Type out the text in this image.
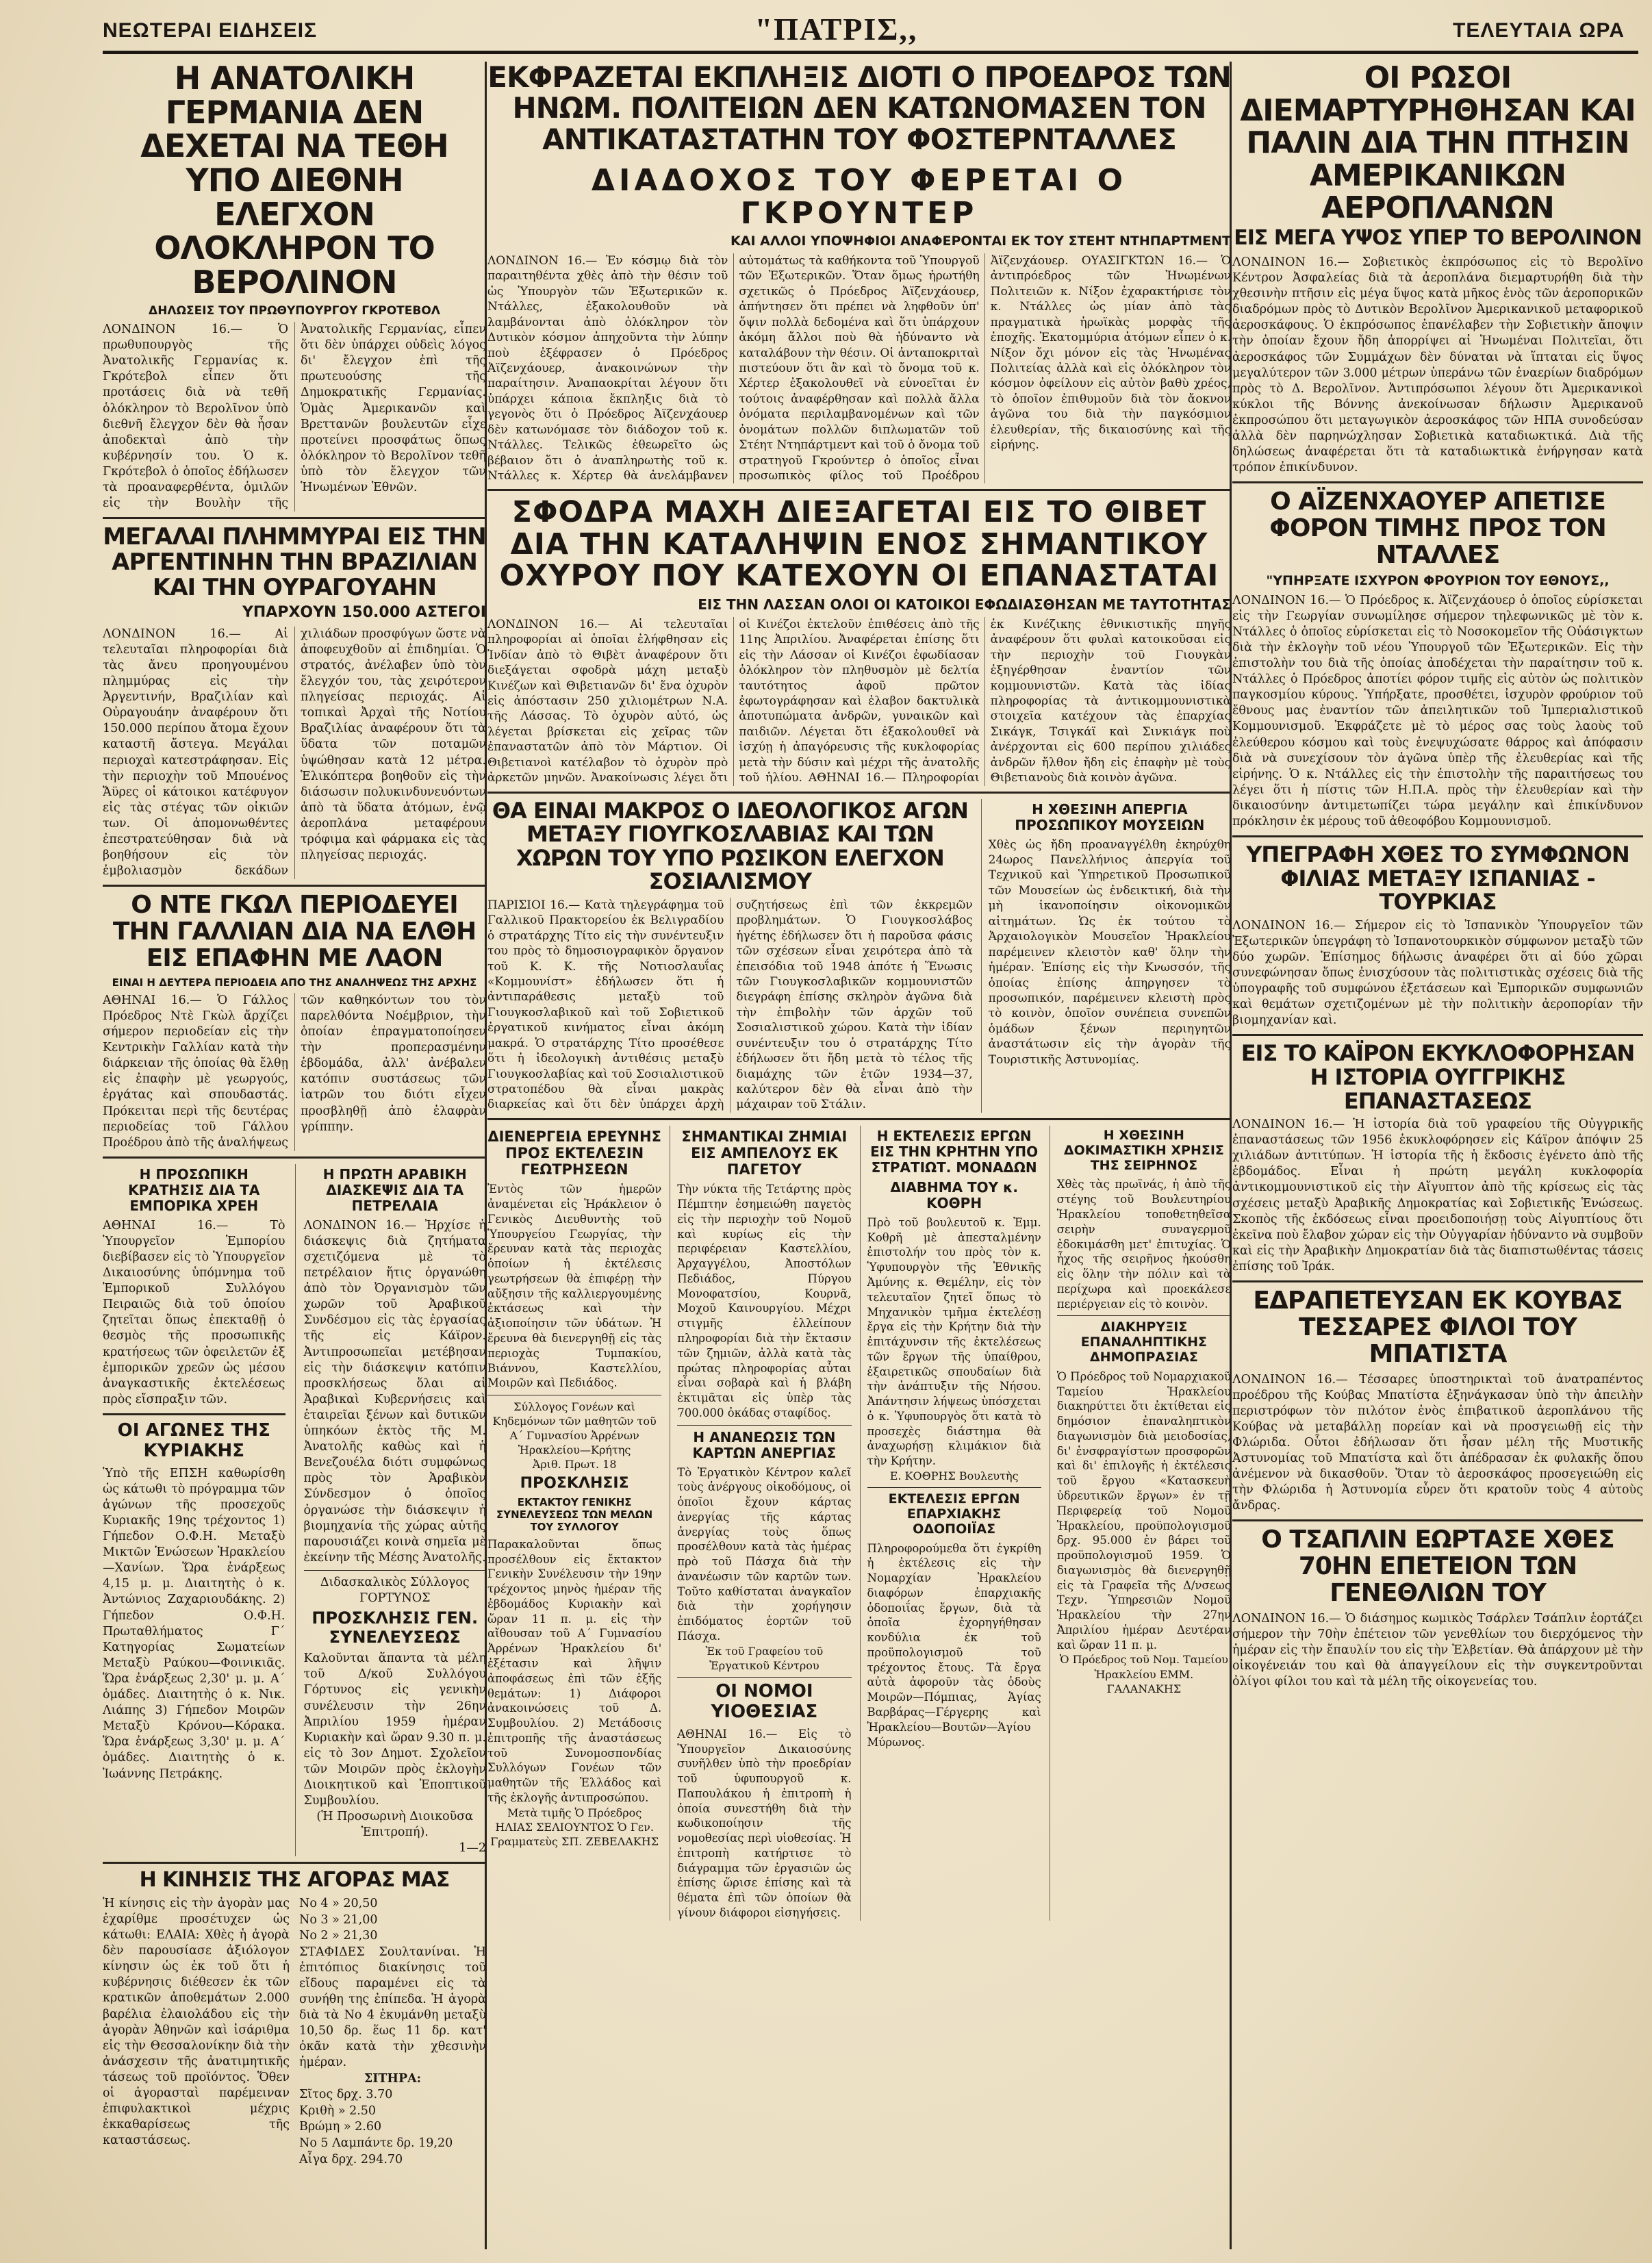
ΝΕΩΤΕΡΑΙ ΕΙΔΗΣΕΙΣ	"ΠΑΤΡΙΣ,,	ΤΕΛΕΥΤΑΙΑ ΩΡΑ
Η ΑΝΑΤΟΛΙΚΗ ΓΕΡΜΑΝΙΑ ΔΕΝ ΔΕΧΕΤΑΙ ΝΑ ΤΕΘΗ ΥΠΟ ΔΙΕΘΝΗ ΕΛΕΓΧΟΝ ΟΛΟΚΛΗΡΟΝ ΤΟ ΒΕΡΟΛΙΝΟΝ
ΔΗΛΩΣΕΙΣ ΤΟΥ ΠΡΩΘΥΠΟΥΡΓΟΥ ΓΚΡΟΤΕΒΟΛ
ΛΟΝΔΙΝΟΝ 16.— Ὁ πρωθυπουργὸς τῆς Ἀνατολικῆς Γερμανίας κ. Γκρότεβολ εἶπεν ὅτι προτάσεις διὰ νὰ τεθῆ ὁλόκληρον τὸ Βερολῖνον ὑπὸ διεθνῆ ἔλεγχον δὲν θὰ ἦσαν ἀποδεκταὶ ἀπὸ τὴν κυβέρνησίν του. Ὁ κ. Γκρότεβολ ὁ ὁποῖος ἐδήλωσεν τὰ προαναφερθέντα, ὁμιλῶν εἰς τὴν Βουλὴν τῆς Ἀνατολικῆς Γερμανίας, εἶπεν ὅτι δὲν ὑπάρχει οὐδεὶς λόγος δι' ἔλεγχον ἐπὶ τῆς πρωτευούσης τῆς Δημοκρατικῆς Γερμανίας. Ὁμὰς Ἀμερικανῶν καὶ Βρεττανῶν βουλευτῶν εἶχε προτείνει προσφάτως ὅπως ὁλόκληρον τὸ Βερολῖνον τεθῆ ὑπὸ τὸν ἔλεγχον τῶν Ἡνωμένων Ἐθνῶν.
ΜΕΓΑΛΑΙ ΠΛΗΜΜΥΡΑΙ ΕΙΣ ΤΗΝ ΑΡΓΕΝΤΙΝΗΝ ΤΗΝ ΒΡΑΖΙΛΙΑΝ ΚΑΙ ΤΗΝ ΟΥΡΑΓΟΥΑΗΝ
ΥΠΑΡΧΟΥΝ 150.000 ΑΣΤΕΓΟΙ
ΛΟΝΔΙΝΟΝ 16.— Αἱ τελευταῖαι πληροφορίαι διὰ τὰς ἄνευ προηγουμένου πλημμύρας εἰς τὴν Ἀργεντινήν, Βραζιλίαν καὶ Οὐραγουάην ἀναφέρουν ὅτι 150.000 περίπου ἄτομα ἔχουν καταστῆ ἄστεγα. Μεγάλαι περιοχαὶ κατεστράφησαν. Εἰς τὴν περιοχὴν τοῦ Μπουένος Ἄϋρες οἱ κάτοικοι κατέφυγον εἰς τὰς στέγας τῶν οἰκιῶν των. Οἱ ἀπομονωθέντες ἐπεστρατεύθησαν διὰ νὰ βοηθήσουν εἰς τὸν ἐμβολιασμὸν δεκάδων χιλιάδων προσφύγων ὥστε νὰ ἀποφευχθοῦν αἱ ἐπιδημίαι. Ὁ στρατός, ἀνέλαβεν ὑπὸ τὸν ἔλεγχόν του, τὰς χειρότερον πληγείσας περιοχάς. Αἱ τοπικαὶ Ἀρχαὶ τῆς Νοτίου Βραζιλίας ἀναφέρουν ὅτι τὰ ὕδατα τῶν ποταμῶν ὑψώθησαν κατὰ 12 μέτρα. Ἑλικόπτερα βοηθοῦν εἰς τὴν διάσωσιν πολυκινδυνευόντων ἀπὸ τὰ ὕδατα ἀτόμων, ἐνῷ ἀεροπλάνα μεταφέρουν τρόφιμα καὶ φάρμακα εἰς τὰς πληγείσας περιοχάς.
Ο ΝΤΕ ΓΚΩΛ ΠΕΡΙΟΔΕΥΕΙ ΤΗΝ ΓΑΛΛΙΑΝ ΔΙΑ ΝΑ ΕΛΘΗ ΕΙΣ ΕΠΑΦΗΝ ΜΕ ΛΑΟΝ
ΕΙΝΑΙ Η ΔΕΥΤΕΡΑ ΠΕΡΙΟΔΕΙΑ ΑΠΟ ΤΗΣ ΑΝΑΛΗΨΕΩΣ ΤΗΣ ΑΡΧΗΣ
ΑΘΗΝΑΙ 16.— Ὁ Γάλλος Πρόεδρος Ντὲ Γκὼλ ἄρχίζει σήμερον περιοδείαν εἰς τὴν Κεντρικὴν Γαλλίαν κατὰ τὴν διάρκειαν τῆς ὁποίας θὰ ἔλθῃ εἰς ἐπαφὴν μὲ γεωργούς, ἐργάτας καὶ σπουδαστάς. Πρόκειται περὶ τῆς δευτέρας περιοδείας τοῦ Γάλλου Προέδρου ἀπὸ τῆς ἀναλήψεως τῶν καθηκόντων του τὸν παρελθόντα Νοέμβριον, τὴν ὁποίαν ἐπραγματοποίησεν τὴν προπερασμένην ἑβδομάδα, ἀλλ' ἀνέβαλεν κατόπιν συστάσεως τῶν ἰατρῶν του διότι εἶχεν προσβληθῇ ἀπὸ ἐλαφρὰν γρίππην.
Η ΠΡΟΣΩΠΙΚΗ ΚΡΑΤΗΣΙΣ ΔΙΑ ΤΑ ΕΜΠΟΡΙΚΑ ΧΡΕΗ
ΑΘΗΝΑΙ 16.— Τὸ Ὑπουργεῖον Ἐμπορίου διεβίβασεν εἰς τὸ Ὑπουργεῖον Δικαιοσύνης ὑπόμνημα τοῦ Ἐμπορικοῦ Συλλόγου Πειραιῶς διὰ τοῦ ὁποίου ζητεῖται ὅπως ἐπεκταθῇ ὁ θεσμὸς τῆς προσωπικῆς κρατήσεως τῶν ὀφειλετῶν ἐξ ἐμπορικῶν χρεῶν ὡς μέσου ἀναγκαστικῆς ἐκτελέσεως πρὸς εἴσπραξιν τῶν.
ΟΙ ΑΓΩΝΕΣ ΤΗΣ ΚΥΡΙΑΚΗΣ
Ὑπὸ τῆς ΕΠΣΗ καθωρίσθη ὡς κάτωθι τὸ πρόγραμμα τῶν ἀγώνων τῆς προσεχοῦς Κυριακῆς 19ης τρέχοντος 1) Γήπεδον Ο.Φ.Η. Μεταξὺ Μικτῶν Ἑνώσεων Ἡρακλείου—Χανίων. Ὥρα ἐνάρξεως 4,15 μ. μ. Διαιτητὴς ὁ κ. Ἀντώνιος Ζαχαριουδάκης. 2) Γήπεδον Ο.Φ.Η. Πρωταθλήματος Γ΄ Κατηγορίας Σωματείων Μεταξὺ Ραύκου—Φοινικιᾶς. Ὥρα ἐνάρξεως 2,30' μ. μ. Α΄ ὁμάδες. Διαιτητὴς ὁ κ. Νικ. Λιάπης 3) Γήπεδον Μοιρῶν Μεταξὺ Κρόνου—Κόρακα. Ὥρα ἐνάρξεως 3,30' μ. μ. Α΄ ὁμάδες. Διαιτητὴς ὁ κ. Ἰωάννης Πετράκης.
Η ΠΡΩΤΗ ΑΡΑΒΙΚΗ ΔΙΑΣΚΕΨΙΣ ΔΙΑ ΤΑ ΠΕΤΡΕΛΑΙΑ
ΛΟΝΔΙΝΟΝ 16.— Ἠρχίσε ἡ διάσκεψις διὰ ζητήματα σχετιζόμενα μὲ τὸ πετρέλαιον ἥτις ὀργανώθη ἀπὸ τὸν Ὀργανισμὸν τῶν χωρῶν τοῦ Ἀραβικοῦ Συνδέσμου εἰς τὰς ἐργασίας τῆς εἰς Κάϊρον. Ἀντιπροσωπεῖαι μετέβησαν εἰς τὴν διάσκεψιν κατόπιν προσκλήσεως ὅλαι αἱ Ἀραβικαὶ Κυβερνήσεις καὶ ἑταιρεῖαι ξένων καὶ δυτικῶν ὑπηκόων ἐκτὸς τῆς Μ. Ἀνατολῆς καθὼς καὶ ἡ Βενεζουέλα διότι συμφώνως πρὸς τὸν Ἀραβικὸν Σύνδεσμον ὁ ὁποῖος ὀργανώσε τὴν διάσκεψιν ἡ βιομηχανία τῆς χώρας αὐτῆς παρουσιάζει κοινὰ σημεῖα μὲ ἐκείνην τῆς Μέσης Ἀνατολῆς.
Διδασκαλικὸς Σύλλογος ΓΟΡΤΥΝΟΣ
ΠΡΟΣΚΛΗΣΙΣ ΓΕΝ. ΣΥΝΕΛΕΥΣΕΩΣ
Καλοῦνται ἅπαντα τὰ μέλη τοῦ Δ/κοῦ Συλλόγου Γόρτυνος εἰς γενικὴν συνέλευσιν τὴν 26ην Ἀπριλίου 1959 ἡμέραν Κυριακὴν καὶ ὥραν 9.30 π. μ. εἰς τὸ 3ον Δημοτ. Σχολεῖον τῶν Μοιρῶν πρὸς ἐκλογὴν Διοικητικοῦ καὶ Ἐποπτικοῦ Συμβουλίου.
(Ἡ Προσωρινὴ Διοικοῦσα Ἐπιτροπή).
1—2
Η ΚΙΝΗΣΙΣ ΤΗΣ ΑΓΟΡΑΣ ΜΑΣ
Ἡ κίνησις εἰς τὴν ἀγορὰν μας ἐχαρίθμε προσέτυχεν ὡς κάτωθι: ΕΛΑΙΑ: Χθὲς ἡ ἀγορὰ δὲν παρουσίασε ἀξιόλογον κίνησιν ὡς ἐκ τοῦ ὅτι ἡ κυβέρνησις διέθεσεν ἐκ τῶν κρατικῶν ἀποθεμάτων 2.000 βαρέλια ἐλαιολάδου εἰς τὴν ἀγορὰν Ἀθηνῶν καὶ ἰσάριθμα εἰς τὴν Θεσσαλονίκην διὰ τὴν ἀνάσχεσιν τῆς ἀνατιμητικῆς τάσεως τοῦ προϊόντος. Ὅθεν οἱ ἀγορασταὶ παρέμειναν ἐπιφυλακτικοὶ μέχρις ἐκκαθαρίσεως τῆς καταστάσεως.
Νο 4 » 20,50
Νο 3 » 21,00
Νο 2 » 21,30
ΣΤΑΦΙΔΕΣ Σουλτανίναι. Ἡ ἐπιτόπιος διακίνησις τοῦ εἴδους παραμένει εἰς τὰ συνήθη της ἐπίπεδα. Ἡ ἀγορὰ διὰ τὰ Νο 4 ἐκυμάνθη μεταξὺ 10,50 δρ. ἕως 11 δρ. κατ' ὀκᾶν κατὰ τὴν χθεσινὴν ἡμέραν.
ΣΙΤΗΡΑ:
Σῖτος δρχ. 3.70
Κριθὴ » 2.50
Βρώμη » 2.60
Νο 5 Λαμπάντε δρ. 19,20
Αἶγα δρχ. 294.70
ΕΚΦΡΑΖΕΤΑΙ ΕΚΠΛΗΞΙΣ ΔΙΟΤΙ Ο ΠΡΟΕΔΡΟΣ ΤΩΝ ΗΝΩΜ. ΠΟΛΙΤΕΙΩΝ ΔΕΝ ΚΑΤΩΝΟΜΑΣΕΝ ΤΟΝ ΑΝΤΙΚΑΤΑΣΤΑΤΗΝ ΤΟΥ ΦΟΣΤΕΡΝΤΑΛΛΕΣ
ΔΙΑΔΟΧΟΣ ΤΟΥ ΦΕΡΕΤΑΙ Ο ΓΚΡΟΥΝΤΕΡ
ΚΑΙ ΑΛΛΟΙ ΥΠΟΨΗΦΙΟΙ ΑΝΑΦΕΡΟΝΤΑΙ ΕΚ ΤΟΥ ΣΤΕΗΤ ΝΤΗΠΑΡΤΜΕΝΤ
ΛΟΝΔΙΝΟΝ 16.— Ἐν κόσμῳ διὰ τὸν παραιτηθέντα χθὲς ἀπὸ τὴν θέσιν τοῦ ὡς Ὑπουργὸν τῶν Ἐξωτερικῶν κ. Ντάλλες, ἐξακολουθοῦν νὰ λαμβάνονται ἀπὸ ὁλόκληρον τὸν Δυτικὸν κόσμον ἀπηχοῦντα τὴν λύπην ποὺ ἐξέφρασεν ὁ Πρόεδρος Ἀϊζενχάουερ, ἀνακοινώνων τὴν παραίτησιν. Ἀναπαοκρίται λέγουν ὅτι ὑπάρχει κάποια ἔκπληξις διὰ τὸ γεγονὸς ὅτι ὁ Πρόεδρος Ἀϊζενχάουερ δὲν κατωνόμασε τὸν διάδοχον τοῦ κ. Ντάλλες. Τελικῶς ἐθεωρεῖτο ὡς βέβαιον ὅτι ὁ ἀναπληρωτὴς τοῦ κ. Ντάλλες κ. Χέρτερ θὰ ἀνελάμβανεν αὐτομάτως τὰ καθήκοντα τοῦ Ὑπουργοῦ τῶν Ἐξωτερικῶν. Ὅταν ὅμως ἠρωτήθη σχετικῶς ὁ Πρόεδρος Ἀϊζενχάουερ, ἀπήντησεν ὅτι πρέπει νὰ ληφθοῦν ὑπ' ὄψιν πολλὰ δεδομένα καὶ ὅτι ὑπάρχουν ἀκόμη ἄλλοι ποὺ θὰ ἠδύναντο νὰ καταλάβουν τὴν θέσιν. Οἱ ἀνταποκριταὶ πιστεύουν ὅτι ἂν καὶ τὸ ὄνομα τοῦ κ. Χέρτερ ἐξακολουθεῖ νὰ εὑνοεῖται ἐν τούτοις ἀναφέρθησαν καὶ πολλὰ ἄλλα ὀνόματα περιλαμβανομένων καὶ τῶν ὀνομάτων πολλῶν διπλωματῶν τοῦ Στέητ Ντηπάρτμεντ καὶ τοῦ ὁ ὄνομα τοῦ στρατηγοῦ Γκρούντερ ὁ ὁποῖος εἶναι προσωπικὸς φίλος τοῦ Προέδρου Ἀϊζενχάουερ. ΟΥΑΣΙΓΚΤΩΝ 16.— Ὁ ἀντιπρόεδρος τῶν Ἡνωμένων Πολιτειῶν κ. Νίξον ἐχαρακτήρισε τὸν κ. Ντάλλες ὡς μίαν ἀπὸ τὰς πραγματικὰ ἡρωϊκὰς μορφὰς τῆς ἐποχῆς. Ἐκατομμύρια ἀτόμων εἶπεν ὁ κ. Νίξον ὄχι μόνον εἰς τὰς Ἡνωμένας Πολιτείας ἀλλὰ καὶ εἰς ὁλόκληρον τὸν κόσμον ὀφείλουν εἰς αὐτὸν βαθὺ χρέος, τὸ ὁποῖον ἐπιθυμοῦν διὰ τὸν ἄοκνον ἀγῶνα του διὰ τὴν παγκόσμιον ἐλευθερίαν, τῆς δικαιοσύνης καὶ τῆς εἰρήνης.
ΣΦΟΔΡΑ ΜΑΧΗ ΔΙΕΞΑΓΕΤΑΙ ΕΙΣ ΤΟ ΘΙΒΕΤ ΔΙΑ ΤΗΝ ΚΑΤΑΛΗΨΙΝ ΕΝΟΣ ΣΗΜΑΝΤΙΚΟΥ ΟΧΥΡΟΥ ΠΟΥ ΚΑΤΕΧΟΥΝ ΟΙ ΕΠΑΝΑΣΤΑΤΑΙ
ΕΙΣ ΤΗΝ ΛΑΣΣΑΝ ΟΛΟΙ ΟΙ ΚΑΤΟΙΚΟΙ ΕΦΩΔΙΑΣΘΗΣΑΝ ΜΕ ΤΑΥΤΟΤΗΤΑΣ
ΛΟΝΔΙΝΟΝ 16.— Αἱ τελευταῖαι πληροφορίαι αἱ ὁποῖαι ἐλήφθησαν εἰς Ἰνδίαν ἀπὸ τὸ Θιβὲτ ἀναφέρουν ὅτι διεξάγεται σφοδρὰ μάχη μεταξὺ Κινέζων καὶ Θιβετιανῶν δι' ἕνα ὀχυρὸν εἰς ἀπόστασιν 250 χιλιομέτρων Ν.Α. τῆς Λάσσας. Τὸ ὀχυρὸν αὐτό, ὡς λέγεται βρίσκεται εἰς χεῖρας τῶν ἐπαναστατῶν ἀπὸ τὸν Μάρτιον. Οἱ Θιβετιανοὶ κατέλαβον τὸ ὀχυρὸν πρὸ ἀρκετῶν μηνῶν. Ἀνακοίνωσις λέγει ὅτι οἱ Κινέζοι ἐκτελοῦν ἐπιθέσεις ἀπὸ τῆς 11ης Ἀπριλίου. Ἀναφέρεται ἐπίσης ὅτι εἰς τὴν Λάσσαν οἱ Κινέζοι ἐφωδίασαν ὁλόκληρον τὸν πληθυσμὸν μὲ δελτία ταυτότητος ἀφοῦ πρῶτον ἐφωτογράφησαν καὶ ἐλαβον δακτυλικὰ ἀποτυπώματα ἀνδρῶν, γυναικῶν καὶ παιδιῶν. Λέγεται ὅτι ἐξακολουθεῖ νὰ ἰσχύῃ ἡ ἀπαγόρευσις τῆς κυκλοφορίας μετὰ τὴν δύσιν καὶ μέχρι τῆς ἀνατολῆς τοῦ ἡλίου. ΑΘΗΝΑΙ 16.— Πληροφορίαι ἐκ Κινέζικης ἐθνικιστικῆς πηγῆς ἀναφέρουν ὅτι φυλαὶ κατοικοῦσαι εἰς τὴν περιοχὴν τοῦ Γιουγκὰν ἐξηγέρθησαν ἐναντίον τῶν κομμουνιστῶν. Κατὰ τὰς ἰδίας πληροφορίας τὰ ἀντικομμουνιστικὰ στοιχεῖα κατέχουν τὰς ἐπαρχίας Σικάγκ, Τσιγκάϊ καὶ Σινκιάγκ ποὺ ἀνέρχονται εἰς 600 περίπου χιλιάδες ἀνδρῶν ἤλθον ἤδη εἰς ἐπαφὴν μὲ τοὺς Θιβετιανοὺς διὰ κοινὸν ἀγῶνα.
ΘΑ ΕΙΝΑΙ ΜΑΚΡΟΣ Ο ΙΔΕΟΛΟΓΙΚΟΣ ΑΓΩΝ ΜΕΤΑΞΥ ΓΙΟΥΓΚΟΣΛΑΒΙΑΣ ΚΑΙ ΤΩΝ ΧΩΡΩΝ ΤΟΥ ΥΠΟ ΡΩΣΙΚΟΝ ΕΛΕΓΧΟΝ ΣΟΣΙΑΛΙΣΜΟΥ
ΠΑΡΙΣΙΟΙ 16.— Κατὰ τηλεγράφημα τοῦ Γαλλικοῦ Πρακτορείου ἐκ Βελιγραδίου ὁ στρατάρχης Τίτο εἰς τὴν συνέντευξιν του πρὸς τὸ δημοσιογραφικὸν ὄργανον τοῦ Κ. Κ. τῆς Νοτιοσλαυΐας «Κομμουνίστ» ἐδήλωσεν ὅτι ἡ ἀντιπαράθεσις μεταξὺ τοῦ Γιουγκοσλαβικοῦ καὶ τοῦ Σοβιετικοῦ ἐργατικοῦ κινήματος εἶναι ἀκόμη μακρά. Ὁ στρατάρχης Τίτο προσέθεσε ὅτι ἡ ἰδεολογικὴ ἀντιθέσις μεταξὺ Γιουγκοσλαβίας καὶ τοῦ Σοσιαλιστικοῦ στρατοπέδου θὰ εἶναι μακρὰς διαρκείας καὶ ὅτι δὲν ὑπάρχει ἀρχὴ συζητήσεως ἐπὶ τῶν ἐκκρεμῶν προβλημάτων. Ὁ Γιουγκοσλάβος ἡγέτης ἐδήλωσεν ὅτι ἡ παροῦσα φάσις τῶν σχέσεων εἶναι χειρότερα ἀπὸ τὰ ἐπεισόδια τοῦ 1948 ἀπότε ἡ Ἕνωσις τῶν Γιουγκοσλαβικῶν κομμουνιστῶν διεγράφη ἐπίσης σκληρὸν ἀγῶνα διὰ τὴν ἐπιβολὴν τῶν ἀρχῶν τοῦ Σοσιαλιστικοῦ χώρου. Κατὰ τὴν ἰδίαν συνέντευξιν του ὁ στρατάρχης Τίτο ἐδήλωσεν ὅτι ἤδη μετὰ τὸ τέλος τῆς διαμάχης τῶν ἐτῶν 1934—37, καλύτερον δὲν θὰ εἶναι ἀπὸ τὴν μάχαιραν τοῦ Στάλιν.
Η ΧΘΕΣΙΝΗ ΑΠΕΡΓΙΑ ΠΡΟΣΩΠΙΚΟΥ ΜΟΥΣΕΙΩΝ
Χθὲς ὡς ἤδη προαναγγέλθη ἐκηρύχθη 24ωρος Πανελλήνιος ἀπεργία τοῦ Τεχνικοῦ καὶ Ὑπηρετικοῦ Προσωπικοῦ τῶν Μουσείων ὡς ἐνδεικτική, διὰ τὴν μὴ ἱκανοποίησιν οἰκονομικῶν αἰτημάτων. Ὡς ἐκ τούτου τὸ Ἀρχαιολογικὸν Μουσεῖον Ἡρακλείου παρέμεινεν κλειστὸν καθ' ὅλην τὴν ἡμέραν. Ἐπίσης εἰς τὴν Κνωσσόν, τῆς ὁποίας ἐπίσης ἀπηργησεν τὸ προσωπικόν, παρέμεινεν κλειστὴ πρὸς τὸ κοινὸν, ὁποῖον συνέπεια συνεπῶν ὁμάδων ξένων περιηγητῶν ἀναστάτωσιν εἰς τὴν ἀγορὰν τῆς Τουριστικῆς Ἀστυνομίας.
ΔΙΕΝΕΡΓΕΙΑ ΕΡΕΥΝΗΣ ΠΡΟΣ ΕΚΤΕΛΕΣΙΝ ΓΕΩΤΡΗΣΕΩΝ
Ἐντὸς τῶν ἡμερῶν ἀναμένεται εἰς Ἡράκλειον ὁ Γενικὸς Διευθυντὴς τοῦ Ὑπουργείου Γεωργίας, τὴν ἔρευναν κατὰ τὰς περιοχὰς ὁποίων ἡ ἐκτέλεσις γεωτρήσεων θὰ ἐπιφέρῃ τὴν αὔξησιν τῆς καλλιεργουμένης ἐκτάσεως καὶ τὴν ἀξιοποίησιν τῶν ὑδάτων. Ἡ ἔρευνα θὰ διενεργηθῇ εἰς τὰς περιοχὰς Τυμπακίου, Βιάννου, Καστελλίου, Μοιρῶν καὶ Πεδιάδος.
Σύλλογος Γονέων καὶ Κηδεμόνων τῶν μαθητῶν τοῦ Α΄ Γυμνασίου Ἀρρένων Ἡρακλείου—Κρήτης
Ἀριθ. Πρωτ. 18
ΠΡΟΣΚΛΗΣΙΣ
ΕΚΤΑΚΤΟΥ ΓΕΝΙΚΗΣ ΣΥΝΕΛΕΥΣΕΩΣ ΤΩΝ ΜΕΛΩΝ ΤΟΥ ΣΥΛΛΟΓΟΥ
Παρακαλοῦνται ὅπως προσέλθουν εἰς ἔκτακτον Γενικὴν Συνέλευσιν τὴν 19ην τρέχοντος μηνὸς ἡμέραν τῆς ἐβδομάδος Κυριακὴν καὶ ὥραν 11 π. μ. εἰς τὴν αἴθουσαν τοῦ Α΄ Γυμνασίου Ἀρρένων Ἡρακλείου δι' ἐξέτασιν καὶ λῆψιν ἀποφάσεως ἐπὶ τῶν ἑξῆς θεμάτων: 1) Διάφοροι ἀνακοινώσεις τοῦ Δ. Συμβουλίου. 2) Μετάδοσις ἐπιτροπῆς τῆς ἀναστάσεως τοῦ Συνομοσπονδίας Συλλόγων Γονέων τῶν μαθητῶν τῆς Ἑλλάδος καὶ τῆς ἐκλογῆς ἀντιπροσώπου.
Μετὰ τιμῆς Ὁ Πρόεδρος ΗΛΙΑΣ ΣΕΛΙΟΥΝΤΟΣ Ὁ Γεν. Γραμματεὺς ΣΠ. ΖΕΒΕΛΑΚΗΣ
ΣΗΜΑΝΤΙΚΑΙ ΖΗΜΙΑΙ ΕΙΣ ΑΜΠΕΛΟΥΣ ΕΚ ΠΑΓΕΤΟΥ
Τὴν νύκτα τῆς Τετάρτης πρὸς Πέμπτην ἐσημειώθη παγετὸς εἰς τὴν περιοχὴν τοῦ Νομοῦ καὶ κυρίως εἰς τὴν περιφέρειαν Καστελλίου, Ἀρχαγγέλου, Ἀποστόλων Πεδιάδος, Πύργου Μονοφατσίου, Κουρνᾶ, Μοχοῦ Καινουργίου. Μέχρι στιγμῆς ἐλλείπουν πληροφορίαι διὰ τὴν ἔκτασιν τῶν ζημιῶν, ἀλλὰ κατὰ τὰς πρώτας πληροφορίας αὗται εἶναι σοβαρὰ καὶ ἡ βλάβη ἐκτιμᾶται εἰς ὑπὲρ τὰς 700.000 ὀκάδας σταφίδος.
Η ΑΝΑΝΕΩΣΙΣ ΤΩΝ ΚΑΡΤΩΝ ΑΝΕΡΓΙΑΣ
Τὸ Ἐργατικὸν Κέντρον καλεῖ τοὺς ἀνέργους οἰκοδόμους, οἱ ὁποῖοι ἔχουν κάρτας ἀνεργίας τῆς κάρτας ἀνεργίας τοὺς ὅπως προσέλθουν κατὰ τὰς ἡμέρας πρὸ τοῦ Πάσχα διὰ τὴν ἀνανέωσιν τῶν καρτῶν των. Τοῦτο καθίσταται ἀναγκαῖον διὰ τὴν χορήγησιν ἐπιδόματος ἑορτῶν τοῦ Πάσχα.
Ἐκ τοῦ Γραφείου τοῦ Ἐργατικοῦ Κέντρου
ΟΙ ΝΟΜΟΙ ΥΙΟΘΕΣΙΑΣ
ΑΘΗΝΑΙ 16.— Εἰς τὸ Ὑπουργεῖον Δικαιοσύνης συνῆλθεν ὑπὸ τὴν προεδρίαν τοῦ ὑφυπουργοῦ κ. Παπουλάκου ἡ ἐπιτροπὴ ἡ ὁποία συνεστήθη διὰ τὴν κωδικοποίησιν τῆς νομοθεσίας περὶ υἱοθεσίας. Ἡ ἐπιτροπὴ κατήρτισε τὸ διάγραμμα τῶν ἐργασιῶν ὡς ἐπίσης ὥρισε ἐπίσης καὶ τὰ θέματα ἐπὶ τῶν ὁποίων θὰ γίνουν διάφοροι εἰσηγήσεις.
Η ΕΚΤΕΛΕΣΙΣ ΕΡΓΩΝ ΕΙΣ ΤΗΝ ΚΡΗΤΗΝ ΥΠΟ ΣΤΡΑΤΙΩΤ. ΜΟΝΑΔΩΝ
ΔΙΑΒΗΜΑ ΤΟΥ κ. ΚΟΘΡΗ
Πρὸ τοῦ βουλευτοῦ κ. Ἐμμ. Κοθρῆ μὲ ἀπεσταλμένην ἐπιστολήν του πρὸς τὸν κ. Ὑφυπουργὸν τῆς Ἐθνικῆς Ἀμύνης κ. Θεμέλην, εἰς τὸν τελευταῖον ζητεῖ ὅπως τὸ Μηχανικὸν τμῆμα ἐκτελέσῃ ἔργα εἰς τὴν Κρήτην διὰ τὴν ἐπιτάχυνσιν τῆς ἐκτελέσεως τῶν ἔργων τῆς ὑπαίθρου, ἐξαιρετικῶς σπουδαίων διὰ τὴν ἀνάπτυξιν τῆς Νήσου. Ἀπάντησιν λήψεως ὑπόσχεται ὁ κ. Ὑφυπουργὸς ὅτι κατὰ τὸ προσεχὲς διάστημα θὰ ἀναχωρήσῃ κλιμάκιον διὰ τὴν Κρήτην.
Ε. ΚΟΘΡΗΣ Βουλευτὴς
ΕΚΤΕΛΕΣΙΣ ΕΡΓΩΝ ΕΠΑΡΧΙΑΚΗΣ ΟΔΟΠΟΙΪΑΣ
Πληροφορούμεθα ὅτι ἐγκρίθη ἡ ἐκτέλεσις εἰς τὴν Νομαρχίαν Ἡρακλείου διαφόρων ἐπαρχιακῆς ὁδοποιΐας ἔργων, διὰ τὰ ὁποῖα ἐχορηγήθησαν κονδύλια ἐκ τοῦ προϋπολογισμοῦ τοῦ τρέχοντος ἔτους. Τὰ ἔργα αὐτὰ ἀφοροῦν τὰς ὁδοὺς Μοιρῶν—Πόμπιας, Ἁγίας Βαρβάρας—Γέργερης καὶ Ἡρακλείου—Βουτῶν—Ἁγίου Μύρωνος.
Η ΧΘΕΣΙΝΗ ΔΟΚΙΜΑΣΤΙΚΗ ΧΡΗΣΙΣ ΤΗΣ ΣΕΙΡΗΝΟΣ
Χθὲς τὰς πρωϊνάς, ἡ ἀπὸ τῆς στέγης τοῦ Βουλευτηρίου Ἡρακλείου τοποθετηθεῖσα σειρὴν συναγερμοῦ ἐδοκιμάσθη μετ' ἐπιτυχίας. Ὁ ἦχος τῆς σειρῆνος ἠκούσθη εἰς ὅλην τὴν πόλιν καὶ τὰ περίχωρα καὶ προεκάλεσε περιέργειαν εἰς τὸ κοινὸν.
ΔΙΑΚΗΡΥΞΙΣ ΕΠΑΝΑΛΗΠΤΙΚΗΣ ΔΗΜΟΠΡΑΣΙΑΣ
Ὁ Πρόεδρος τοῦ Νομαρχιακοῦ Ταμείου Ἡρακλείου διακηρύττει ὅτι ἐκτίθεται εἰς δημόσιον ἐπαναληπτικὸν διαγωνισμὸν διὰ μειοδοσίας, δι' ἐνσφραγίστων προσφορῶν καὶ δι' ἐπιλογῆς ἡ ἐκτέλεσις τοῦ ἔργου «Κατασκευὴ ὑδρευτικῶν ἔργων» ἐν τῇ Περιφερείᾳ τοῦ Νομοῦ Ἡρακλείου, προϋπολογισμοῦ δρχ. 95.000 ἐν βάρει τοῦ προϋπολογισμοῦ 1959. Ὁ διαγωνισμὸς θὰ διενεργηθῇ εἰς τὰ Γραφεῖα τῆς Δ/νσεως Τεχν. Ὑπηρεσιῶν Νομοῦ Ἡρακλείου τὴν 27ην Ἀπριλίου ἡμέραν Δευτέραν καὶ ὥραν 11 π. μ.
Ὁ Πρόεδρος τοῦ Νομ. Ταμείου Ἡρακλείου ΕΜΜ. ΓΑΛΑΝΑΚΗΣ
ΟΙ ΡΩΣΟΙ ΔΙΕΜΑΡΤΥΡΗΘΗΣΑΝ ΚΑΙ ΠΑΛΙΝ ΔΙΑ ΤΗΝ ΠΤΗΣΙΝ ΑΜΕΡΙΚΑΝΙΚΩΝ ΑΕΡΟΠΛΑΝΩΝ
ΕΙΣ ΜΕΓΑ ΥΨΟΣ ΥΠΕΡ ΤΟ ΒΕΡΟΛΙΝΟΝ
ΛΟΝΔΙΝΟΝ 16.— Σοβιετικὸς ἐκπρόσωπος εἰς τὸ Βερολῖνο Κέντρον Ἀσφαλείας διὰ τὰ ἀεροπλάνα διεμαρτυρήθη διὰ τὴν χθεσινὴν πτῆσιν εἰς μέγα ὕψος κατὰ μῆκος ἑνὸς τῶν ἀεροπορικῶν διαδρόμων πρὸς τὸ Δυτικὸν Βερολῖνον Ἀμερικανικοῦ μεταφορικοῦ ἀεροσκάφους. Ὁ ἐκπρόσωπος ἐπανέλαβεν τὴν Σοβιετικὴν ἄποψιν τὴν ὁποίαν ἔχουν ἤδη ἀπορρίψει αἱ Ἡνωμέναι Πολιτεῖαι, ὅτι ἀεροσκάφος τῶν Συμμάχων δὲν δύναται νὰ ἵπταται εἰς ὕψος μεγαλύτερον τῶν 3.000 μέτρων ὑπεράνω τῶν ἐναερίων διαδρόμων πρὸς τὸ Δ. Βερολῖνον. Ἀντιπρόσωποι λέγουν ὅτι Ἀμερικανικοὶ κύκλοι τῆς Βόννης ἀνεκοίνωσαν δήλωσιν Ἀμερικανοῦ ἐκπροσώπου ὅτι μεταγωγικὸν ἀεροσκάφος τῶν ΗΠΑ συνοδεύσαν ἀλλὰ δὲν παρηνώχλησαν Σοβιετικὰ καταδιωκτικά. Διὰ τῆς δηλώσεως ἀναφέρεται ὅτι τὰ καταδιωκτικὰ ἐνήργησαν κατὰ τρόπον ἐπικίνδυνον.
Ο ΑΪΖΕΝΧΑΟΥΕΡ ΑΠΕΤΙΣΕ ΦΟΡΟΝ ΤΙΜΗΣ ΠΡΟΣ ΤΟΝ ΝΤΑΛΛΕΣ
"ΥΠΗΡΞΑΤΕ ΙΣΧΥΡΟΝ ΦΡΟΥΡΙΟΝ ΤΟΥ ΕΘΝΟΥΣ,,
ΛΟΝΔΙΝΟΝ 16.— Ὁ Πρόεδρος κ. Ἀϊζενχάουερ ὁ ὁποῖος εὑρίσκεται εἰς τὴν Γεωργίαν συνωμίλησε σήμερον τηλεφωνικῶς μὲ τὸν κ. Ντάλλες ὁ ὁποῖος εὑρίσκεται εἰς τὸ Νοσοκομεῖον τῆς Οὐάσιγκτων διὰ τὴν ἐκλογὴν τοῦ νέου Ὑπουργοῦ τῶν Ἐξωτερικῶν. Εἰς τὴν ἐπιστολὴν του διὰ τῆς ὁποίας ἀποδέχεται τὴν παραίτησιν τοῦ κ. Ντάλλες ὁ Πρόεδρος ἀποτίει φόρον τιμῆς εἰς αὐτὸν ὡς πολιτικὸν παγκοσμίου κύρους. Ὑπήρξατε, προσθέτει, ἰσχυρὸν φρούριον τοῦ ἔθνους μας ἐναντίον τῶν ἀπειλητικῶν τοῦ Ἰμπεριαλιστικοῦ Κομμουνισμοῦ. Ἐκφράζετε μὲ τὸ μέρος σας τοὺς λαοὺς τοῦ ἐλεύθερου κόσμου καὶ τοὺς ἐνεψυχώσατε θάρρος καὶ ἀπόφασιν διὰ νὰ συνεχίσουν τὸν ἀγῶνα ὑπὲρ τῆς ἐλευθερίας καὶ τῆς εἰρήνης. Ὁ κ. Ντάλλες εἰς τὴν ἐπιστολὴν τῆς παραιτήσεως του λέγει ὅτι ἡ πίστις τῶν Η.Π.Α. πρὸς τὴν ἐλευθερίαν καὶ τὴν δικαιοσύνην ἀντιμετωπίζει τώρα μεγάλην καὶ ἐπικίνδυνον πρόκλησιν ἐκ μέρους τοῦ ἀθεοφόβου Κομμουνισμοῦ.
ΥΠΕΓΡΑΦΗ ΧΘΕΣ ΤΟ ΣΥΜΦΩΝΟΝ ΦΙΛΙΑΣ ΜΕΤΑΞΥ ΙΣΠΑΝΙΑΣ - ΤΟΥΡΚΙΑΣ
ΛΟΝΔΙΝΟΝ 16.— Σήμερον εἰς τὸ Ἰσπανικὸν Ὑπουργεῖον τῶν Ἐξωτερικῶν ὑπεγράφη τὸ Ἰσπανοτουρκικὸν σύμφωνον μεταξὺ τῶν δύο χωρῶν. Ἐπίσημος δήλωσις ἀναφέρει ὅτι αἱ δύο χῶραι συνεφώνησαν ὅπως ἐνισχύσουν τὰς πολιτιστικὰς σχέσεις διὰ τῆς ὑπογραφῆς τοῦ συμφώνου ἐξετάσεων καὶ Ἐμπορικῶν συμφωνιῶν καὶ θεμάτων σχετιζομένων μὲ τὴν πολιτικὴν ἀεροπορίαν τῆν βιομηχανίαν καὶ.
ΕΙΣ ΤΟ ΚΑΪΡΟΝ ΕΚΥΚΛΟΦΟΡΗΣΑΝ Η ΙΣΤΟΡΙΑ ΟΥΓΓΡΙΚΗΣ ΕΠΑΝΑΣΤΑΣΕΩΣ
ΛΟΝΔΙΝΟΝ 16.— Ἡ ἱστορία διὰ τοῦ γραφείου τῆς Οὐγγρικῆς ἐπαναστάσεως τῶν 1956 ἐκυκλοφόρησεν εἰς Κάϊρον ἀπόψιν 25 χιλιάδων ἀντιτύπων. Ἡ ἱστορία τῆς ἡ ἔκδοσις ἐγένετο ἀπὸ τῆς ἑβδομάδος. Εἶναι ἡ πρώτη μεγάλη κυκλοφορία ἀντικομμουνιστικοῦ εἰς τὴν Αἴγυπτον ἀπὸ τῆς κρίσεως εἰς τὰς σχέσεις μεταξὺ Ἀραβικῆς Δημοκρατίας καὶ Σοβιετικῆς Ἑνώσεως. Σκοπὸς τῆς ἐκδόσεως εἶναι προειδοποιήσῃ τοὺς Αἰγυπτίους ὅτι ἐκεῖνα ποὺ ἔλαβον χώραν εἰς τὴν Οὐγγαρίαν ἠδύναντο νὰ συμβοῦν καὶ εἰς τὴν Ἀραβικὴν Δημοκρατίαν διὰ τὰς διαπιστωθέντας τάσεις ἐπίσης τοῦ Ἰράκ.
ΕΔΡΑΠΕΤΕΥΣΑΝ ΕΚ ΚΟΥΒΑΣ ΤΕΣΣΑΡΕΣ ΦΙΛΟΙ ΤΟΥ ΜΠΑΤΙΣΤΑ
ΛΟΝΔΙΝΟΝ 16.— Τέσσαρες ὑποστηρικταὶ τοῦ ἀνατραπέντος προέδρου τῆς Κούβας Μπατίστα ἐξηνάγκασαν ὑπὸ τὴν ἀπειλὴν περιστρόφων τὸν πιλότον ἑνὸς ἐπιβατικοῦ ἀεροπλάνου τῆς Κούβας νὰ μεταβάλλῃ πορείαν καὶ νὰ προσγειωθῇ εἰς τὴν Φλώριδα. Οὗτοι ἐδήλωσαν ὅτι ἦσαν μέλη τῆς Μυστικῆς Ἀστυνομίας τοῦ Μπατίστα καὶ ὅτι ἀπέδρασαν ἐκ φυλακῆς ὅπου ἀνέμενον νὰ δικασθοῦν. Ὅταν τὸ ἀεροσκάφος προσεγειώθη εἰς τὴν Φλώριδα ἡ Ἀστυνομία εὗρεν ὅτι κρατοῦν τοὺς 4 αὐτοὺς ἄνδρας.
Ο ΤΣΑΠΛΙΝ ΕΩΡΤΑΣΕ ΧΘΕΣ 70ΗΝ ΕΠΕΤΕΙΟΝ ΤΩΝ ΓΕΝΕΘΛΙΩΝ ΤΟΥ
ΛΟΝΔΙΝΟΝ 16.— Ὁ διάσημος κωμικὸς Τσάρλεν Τσάπλιν ἑορτάζει σήμερον τὴν 70ὴν ἐπέτειον τῶν γενεθλίων του διερχόμενος τὴν ἡμέραν εἰς τὴν ἔπαυλίν του εἰς τὴν Ἑλβετίαν. Θὰ ἀπάρχουν μὲ τὴν οἰκογένειάν του καὶ θὰ ἀπαγγείλουν εἰς τὴν συγκεντροῦνται ὀλίγοι φίλοι του καὶ τὰ μέλη τῆς οἰκογενείας του.
